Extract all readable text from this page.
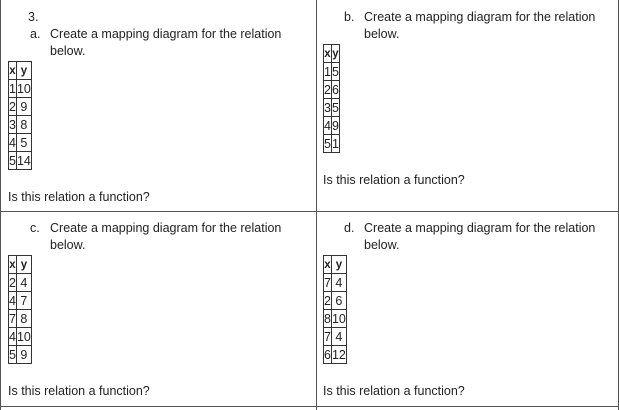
3.
a. Create a mapping diagram for the relation
below.
x	y
1	10
2	9
3	8
4	5
5	14
Is this relation a function?
b. Create a mapping diagram for the relation
below.
x	y
1	5
2	6
3	5
4	9
5	1
Is this relation a function?
c. Create a mapping diagram for the relation
below.
x	y
2	4
4	7
7	8
4	10
5	9
Is this relation a function?
d. Create a mapping diagram for the relation
below.
x	y
7	4
2	6
8	10
7	4
6	12
Is this relation a function?
